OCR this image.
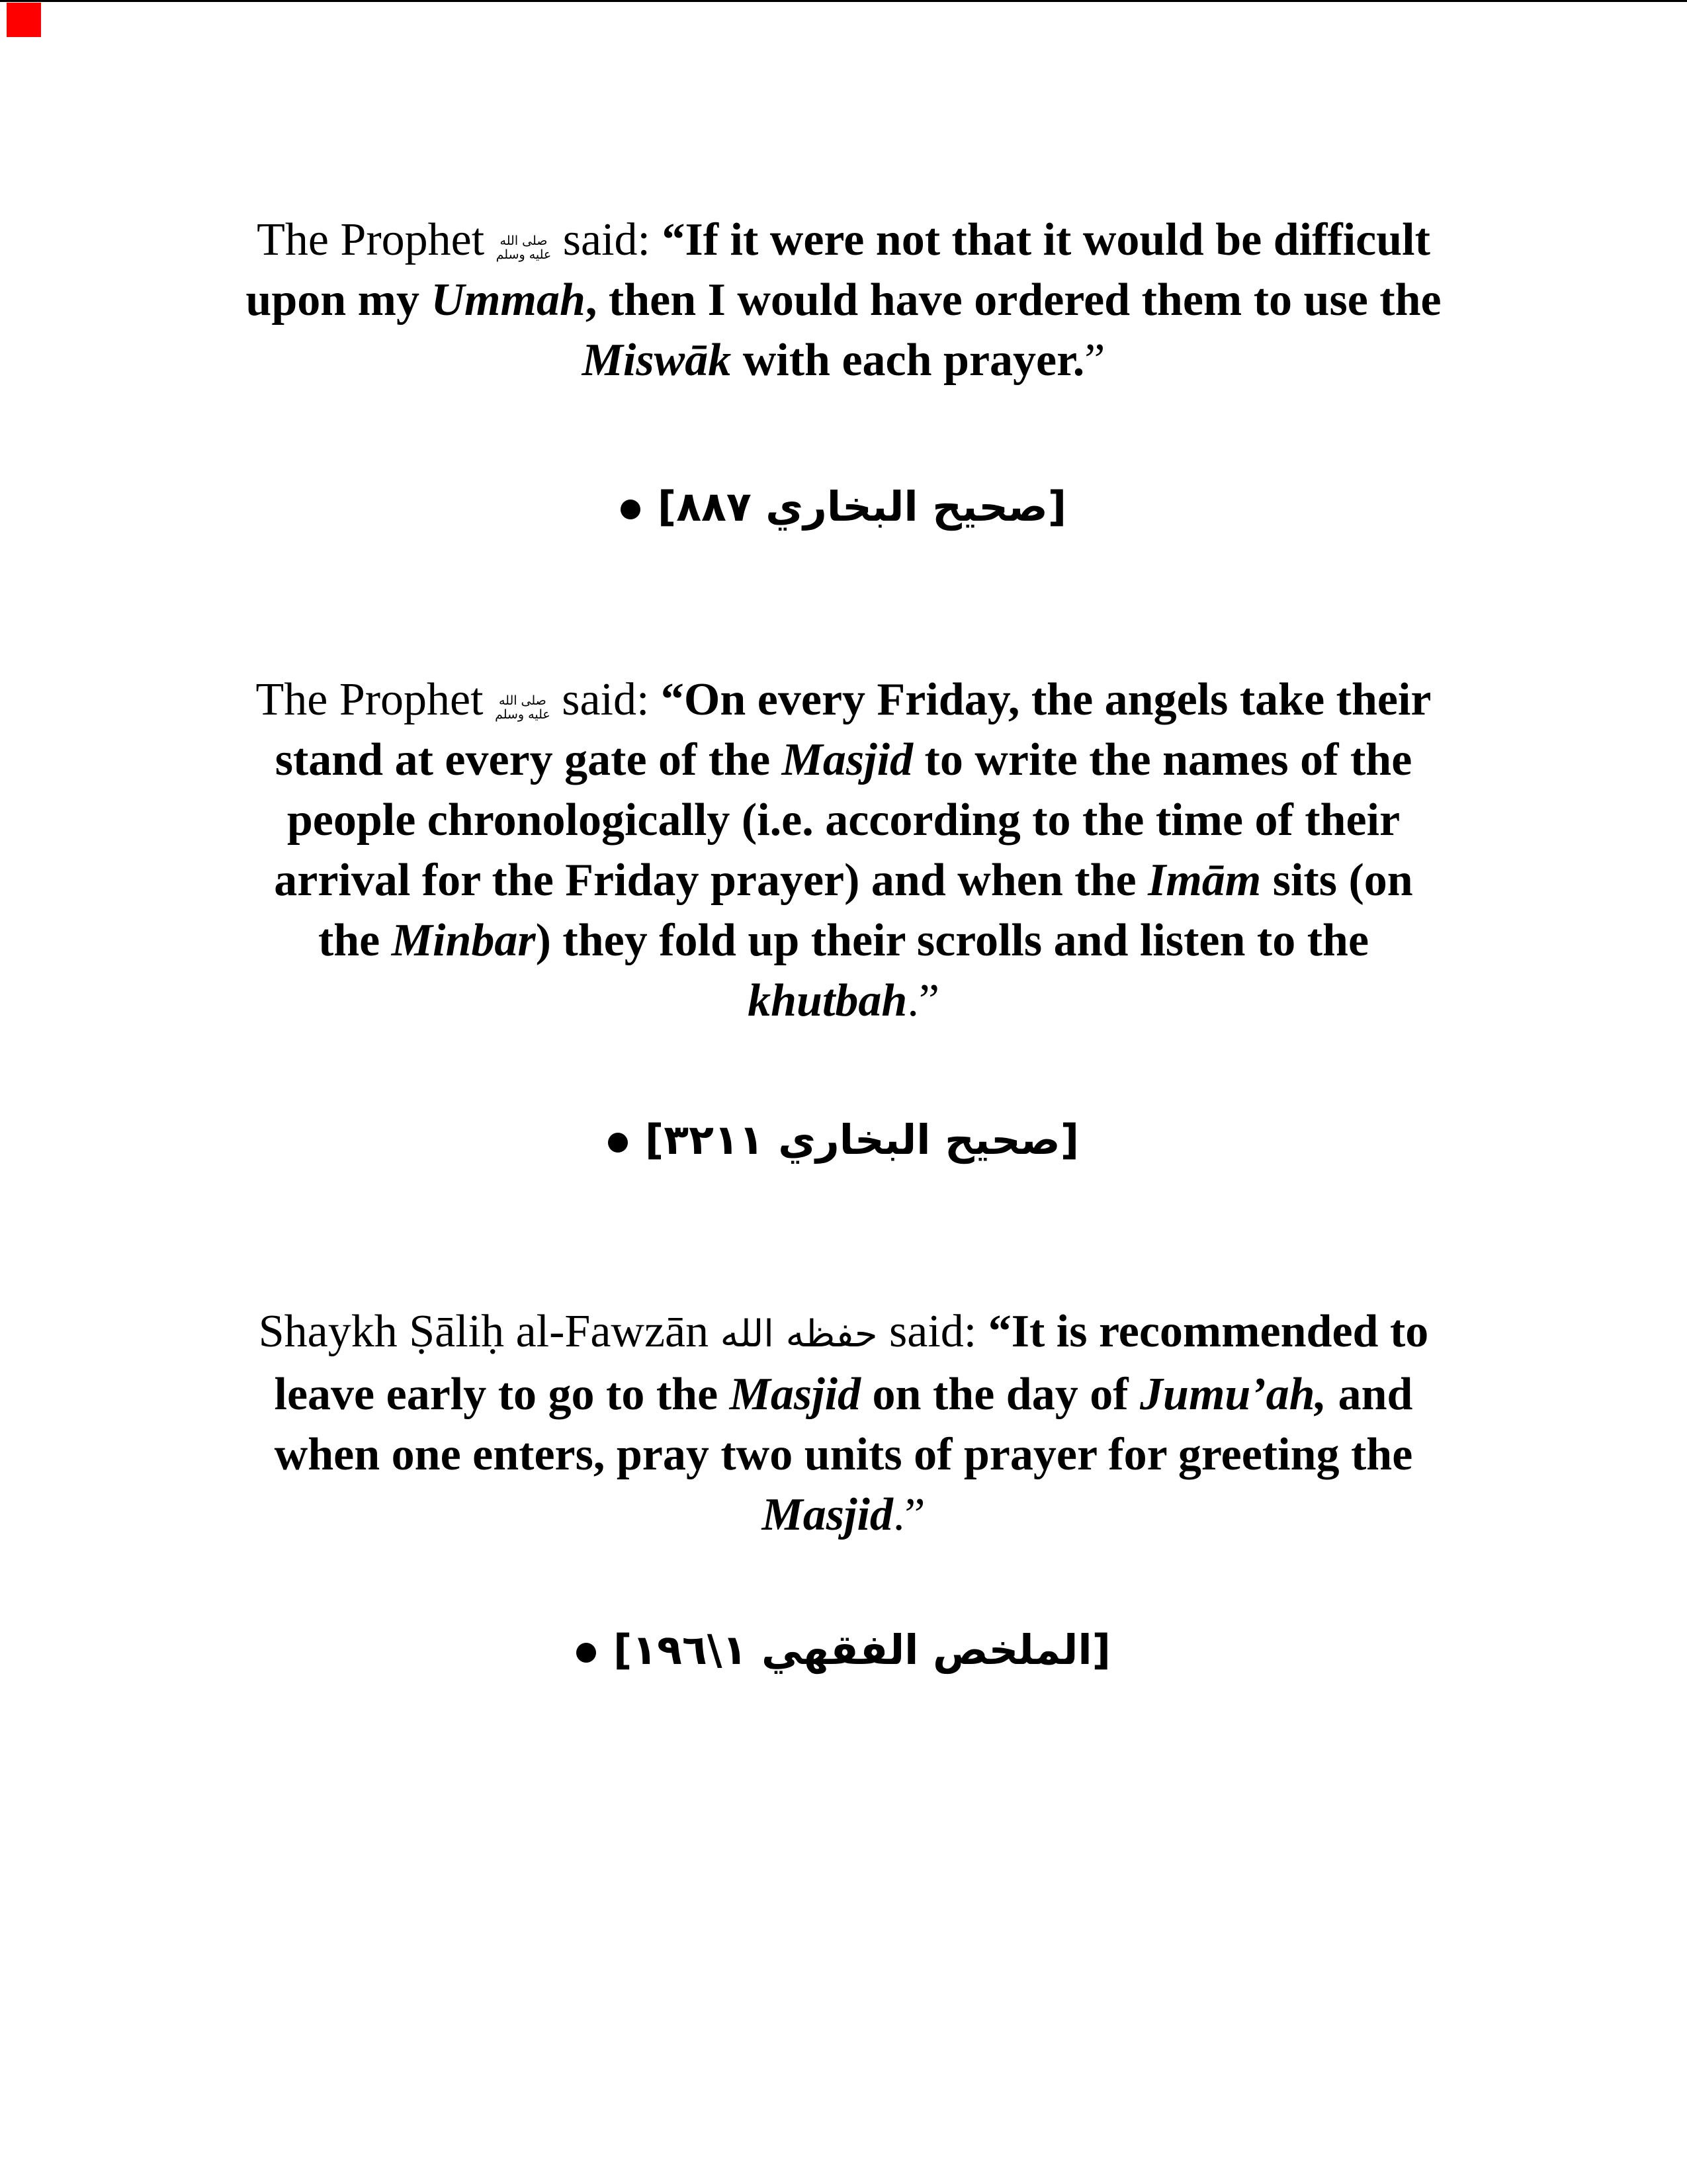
The Prophet صلى الله
عليه وسلم said: “If it were not that it would be difficult
upon my Ummah, then I would have ordered them to use the
Miswāk with each prayer.”
[صحيح البخاري ٨٨٧]
The Prophet صلى الله
عليه وسلم said: “On every Friday, the angels take their
stand at every gate of the Masjid to write the names of the
people chronologically (i.e. according to the time of their
arrival for the Friday prayer) and when the Imām sits (on
the Minbar) they fold up their scrolls and listen to the
khutbah.”
[صحيح البخاري ٣٢١١]
Shaykh Ṣāliḥ al-Fawzān حفظه الله said: “It is recommended to
leave early to go to the Masjid on the day of Jumu’ah, and
when one enters, pray two units of prayer for greeting the
Masjid.”
[الملخص الفقهي ١\١٩٦]
